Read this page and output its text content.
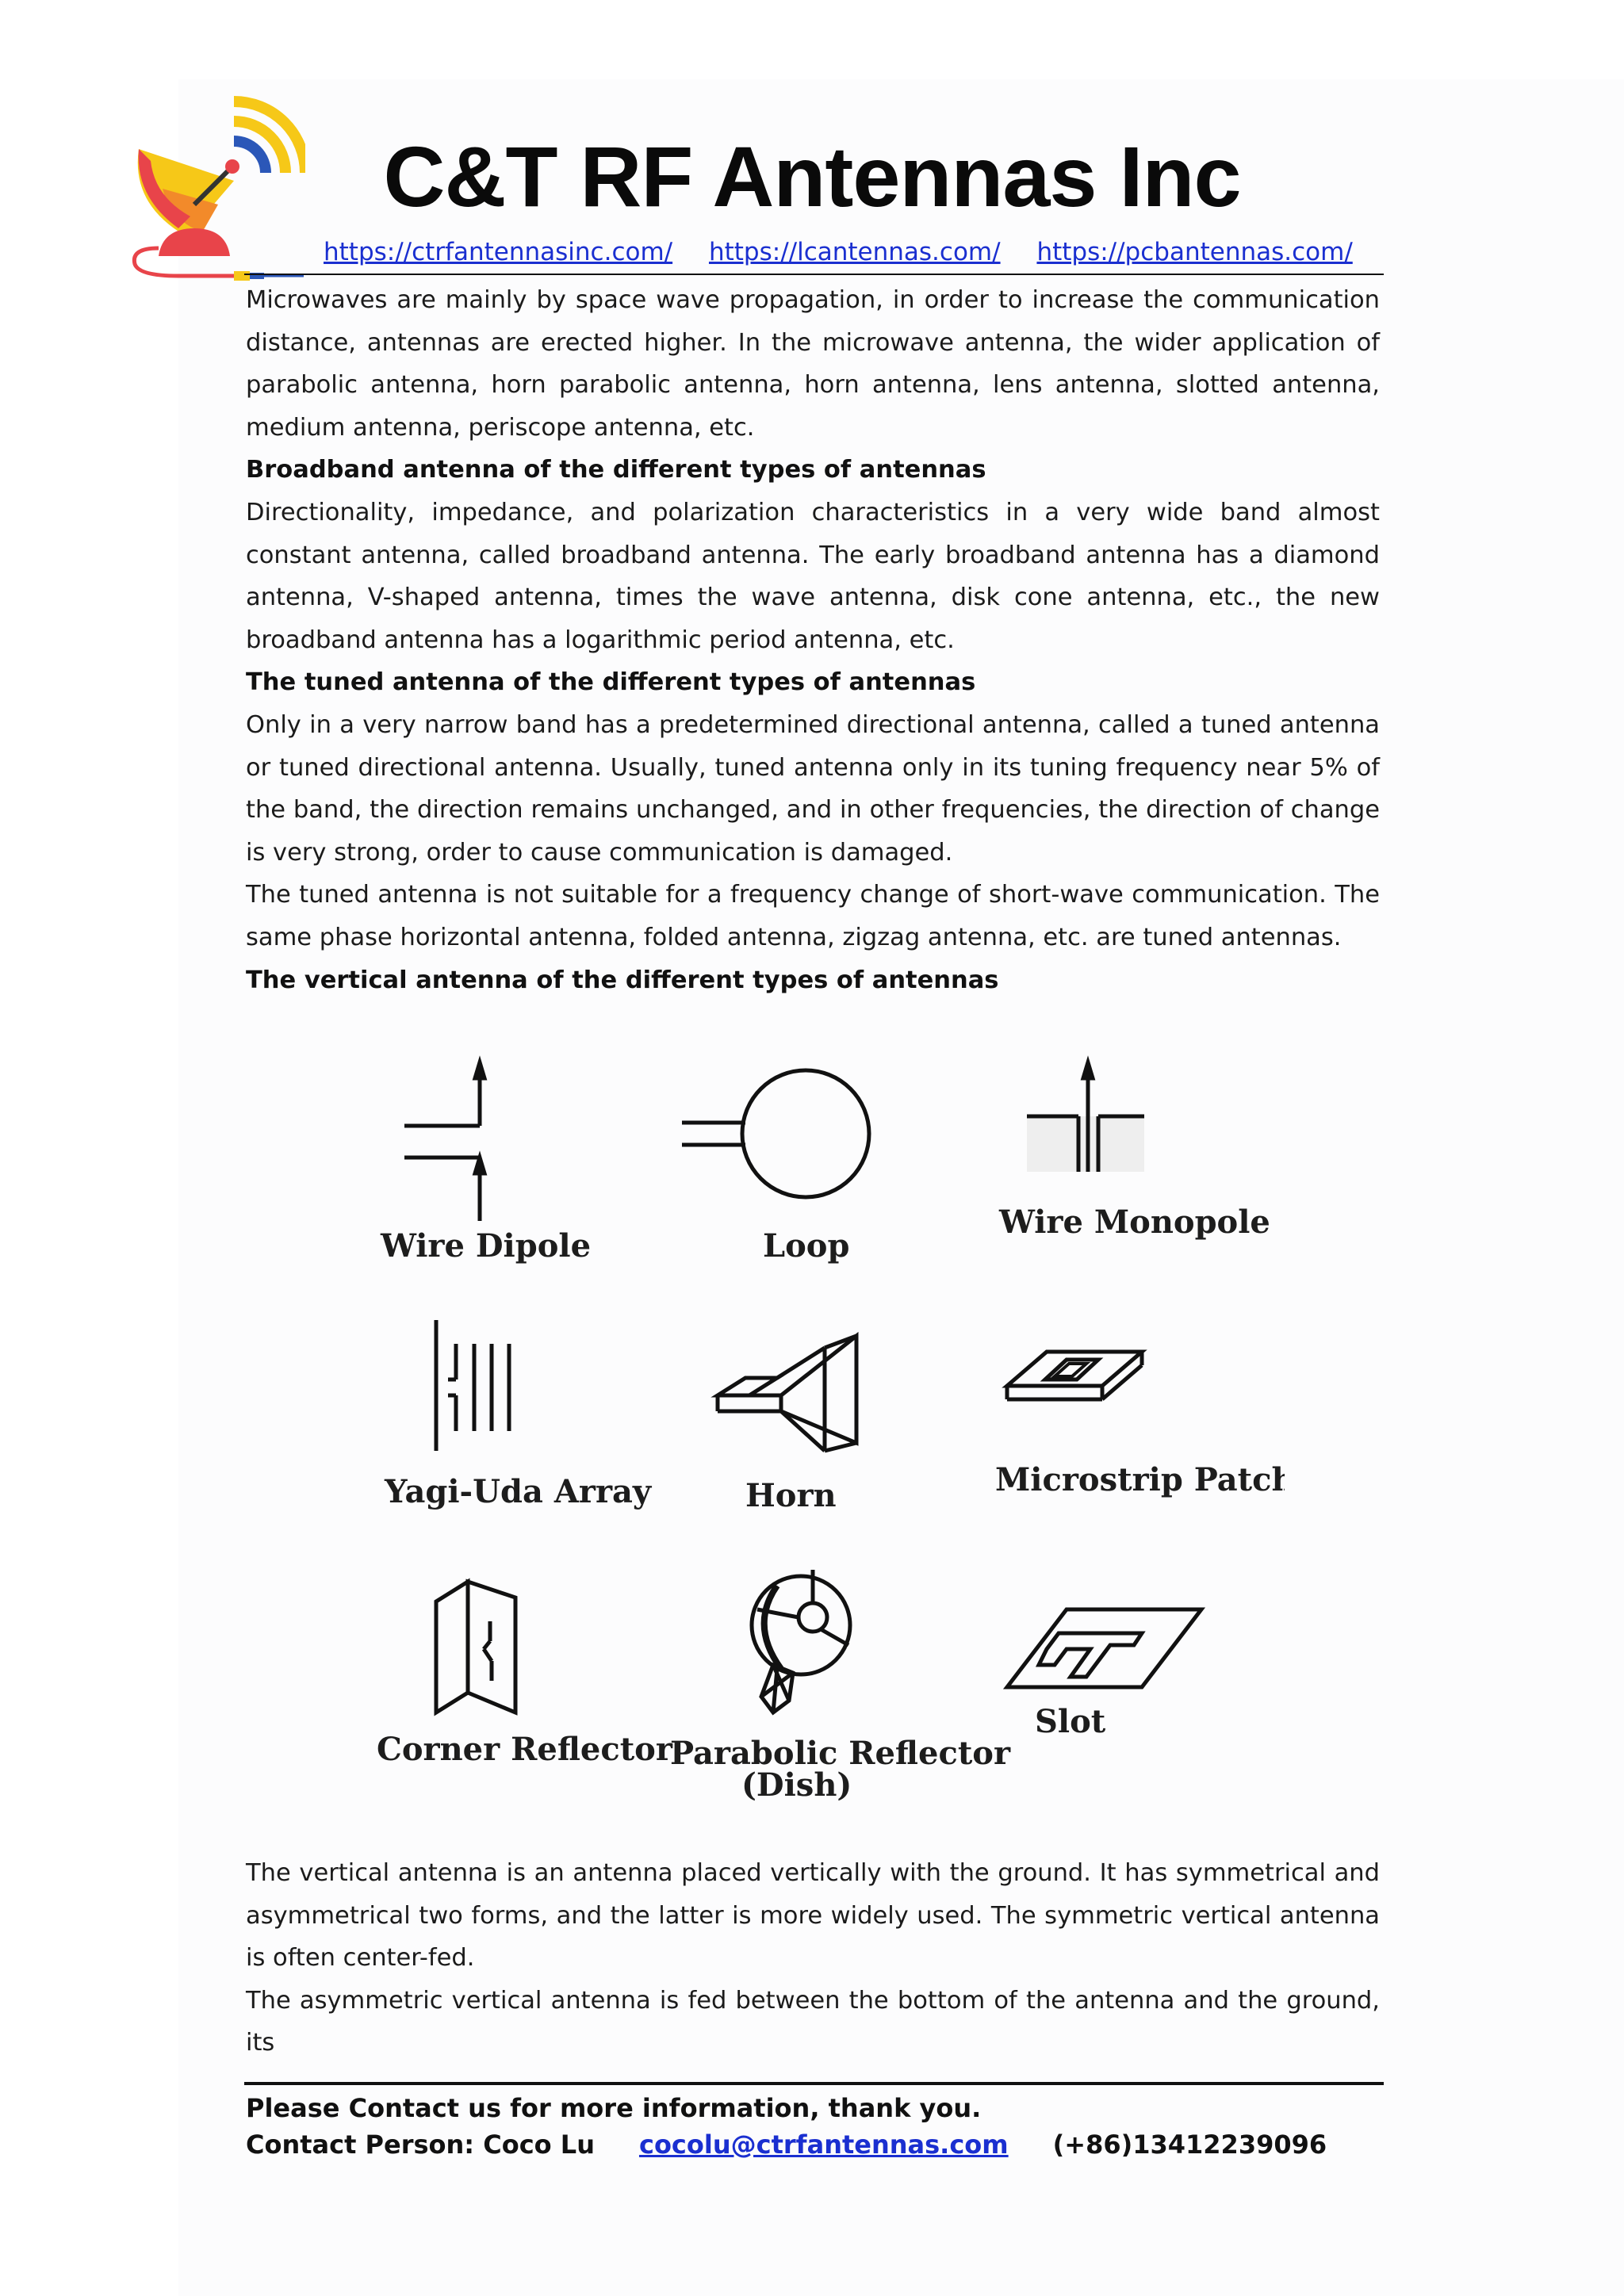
C&T RF Antennas Inc
https://ctrfantennasinc.com/ https://lcantennas.com/ https://pcbantennas.com/

Microwaves are mainly by space wave propagation, in order to increase the communication distance, antennas are erected higher. In the microwave antenna, the wider application of parabolic antenna, horn parabolic antenna, horn antenna, lens antenna, slotted antenna, medium antenna, periscope antenna, etc.

Broadband antenna of the different types of antennas

Directionality, impedance, and polarization characteristics in a very wide band almost constant antenna, called broadband antenna. The early broadband antenna has a diamond antenna, V-shaped antenna, times the wave antenna, disk cone antenna, etc., the new broadband antenna has a logarithmic period antenna, etc.

The tuned antenna of the different types of antennas

Only in a very narrow band has a predetermined directional antenna, called a tuned antenna or tuned directional antenna. Usually, tuned antenna only in its tuning frequency near 5% of the band, the direction remains unchanged, and in other frequencies, the direction of change is very strong, order to cause communication is damaged.

The tuned antenna is not suitable for a frequency change of short-wave communication. The same phase horizontal antenna, folded antenna, zigzag antenna, etc. are tuned antennas.

The vertical antenna of the different types of antennas
Wire Dipole	Loop
Wire Monopole
Yagi-Uda Array	Horn	Microstrip Patch
Corner Reflector
Parabolic Reflector
(Dish)
Slot

The vertical antenna is an antenna placed vertically with the ground. It has symmetrical and asymmetrical two forms, and the latter is more widely used. The symmetric vertical antenna is often center-fed.

The asymmetric vertical antenna is fed between the bottom of the antenna and the ground, its

Please Contact us for more information, thank you.
Contact Person: Coco Lu cocolu@ctrfantennas.com (+86)13412239096
